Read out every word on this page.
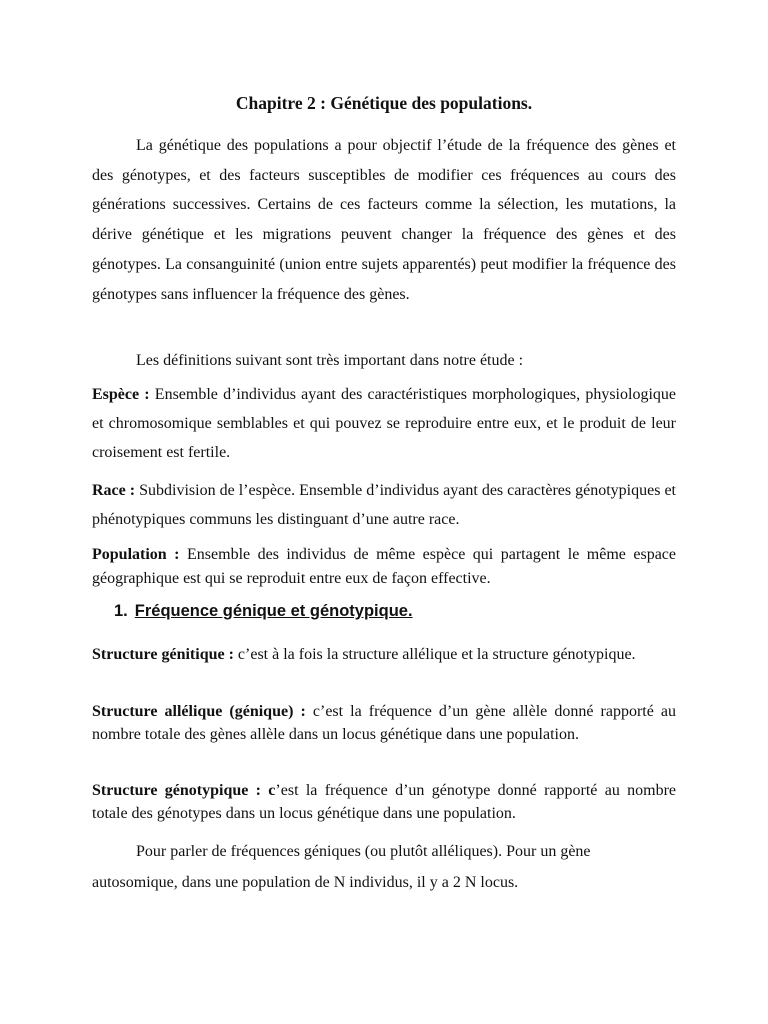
Chapitre 2 : Génétique des populations.

La génétique des populations a pour objectif l’étude de la fréquence des gènes et des génotypes, et des facteurs susceptibles de modifier ces fréquences au cours des générations successives. Certains de ces facteurs comme la sélection, les mutations, la dérive génétique et les migrations peuvent changer la fréquence des gènes et des génotypes. La consanguinité (union entre sujets apparentés) peut modifier la fréquence des génotypes sans influencer la fréquence des gènes.

Les définitions suivant sont très important dans notre étude :

Espèce : Ensemble d’individus ayant des caractéristiques morphologiques, physiologique et chromosomique semblables et qui pouvez se reproduire entre eux, et le produit de leur croisement est fertile.

Race : Subdivision de l’espèce. Ensemble d’individus ayant des caractères génotypiques et phénotypiques communs les distinguant d’une autre race.

Population : Ensemble des individus de même espèce qui partagent le même espace géographique est qui se reproduit entre eux de façon effective.

1. Fréquence génique et génotypique.

Structure génitique : c’est à la fois la structure allélique et la structure génotypique.

Structure allélique (génique) : c’est la fréquence d’un gène allèle donné rapporté au nombre totale des gènes allèle dans un locus génétique dans une population.

Structure génotypique : c’est la fréquence d’un génotype donné rapporté au nombre totale des génotypes dans un locus génétique dans une population.

Pour parler de fréquences géniques (ou plutôt alléliques). Pour un gène
autosomique, dans une population de N individus, il y a 2 N locus.
